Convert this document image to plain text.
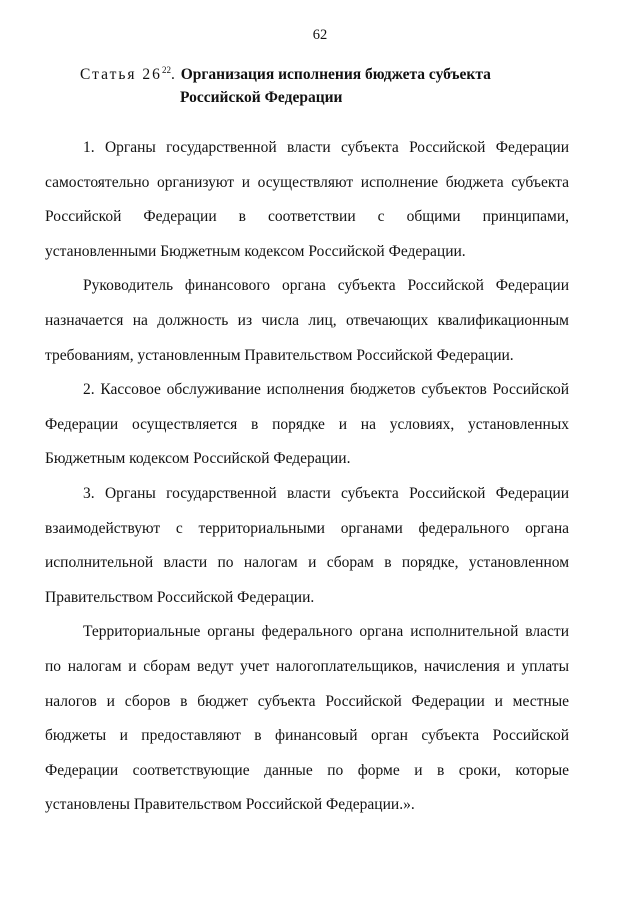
62
Статья $26^{22}$. Организация исполнения бюджета субъекта
Российской Федерации

1. Органы государственной власти субъекта Российской Федерации самостоятельно организуют и осуществляют исполнение бюджета субъекта Российской Федерации в соответствии с общими принципами, установленными Бюджетным кодексом Российской Федерации.

Руководитель финансового органа субъекта Российской Федерации назначается на должность из числа лиц, отвечающих квалификационным требованиям, установленным Правительством Российской Федерации.

2. Кассовое обслуживание исполнения бюджетов субъектов Российской Федерации осуществляется в порядке и на условиях, установленных Бюджетным кодексом Российской Федерации.

3. Органы государственной власти субъекта Российской Федерации взаимодействуют с территориальными органами федерального органа исполнительной власти по налогам и сборам в порядке, установленном Правительством Российской Федерации.

Территориальные органы федерального органа исполнительной власти по налогам и сборам ведут учет налогоплательщиков, начисления и уплаты налогов и сборов в бюджет субъекта Российской Федерации и местные бюджеты и предоставляют в финансовый орган субъекта Российской Федерации соответствующие данные по форме и в сроки, которые установлены Правительством Российской Федерации.».
